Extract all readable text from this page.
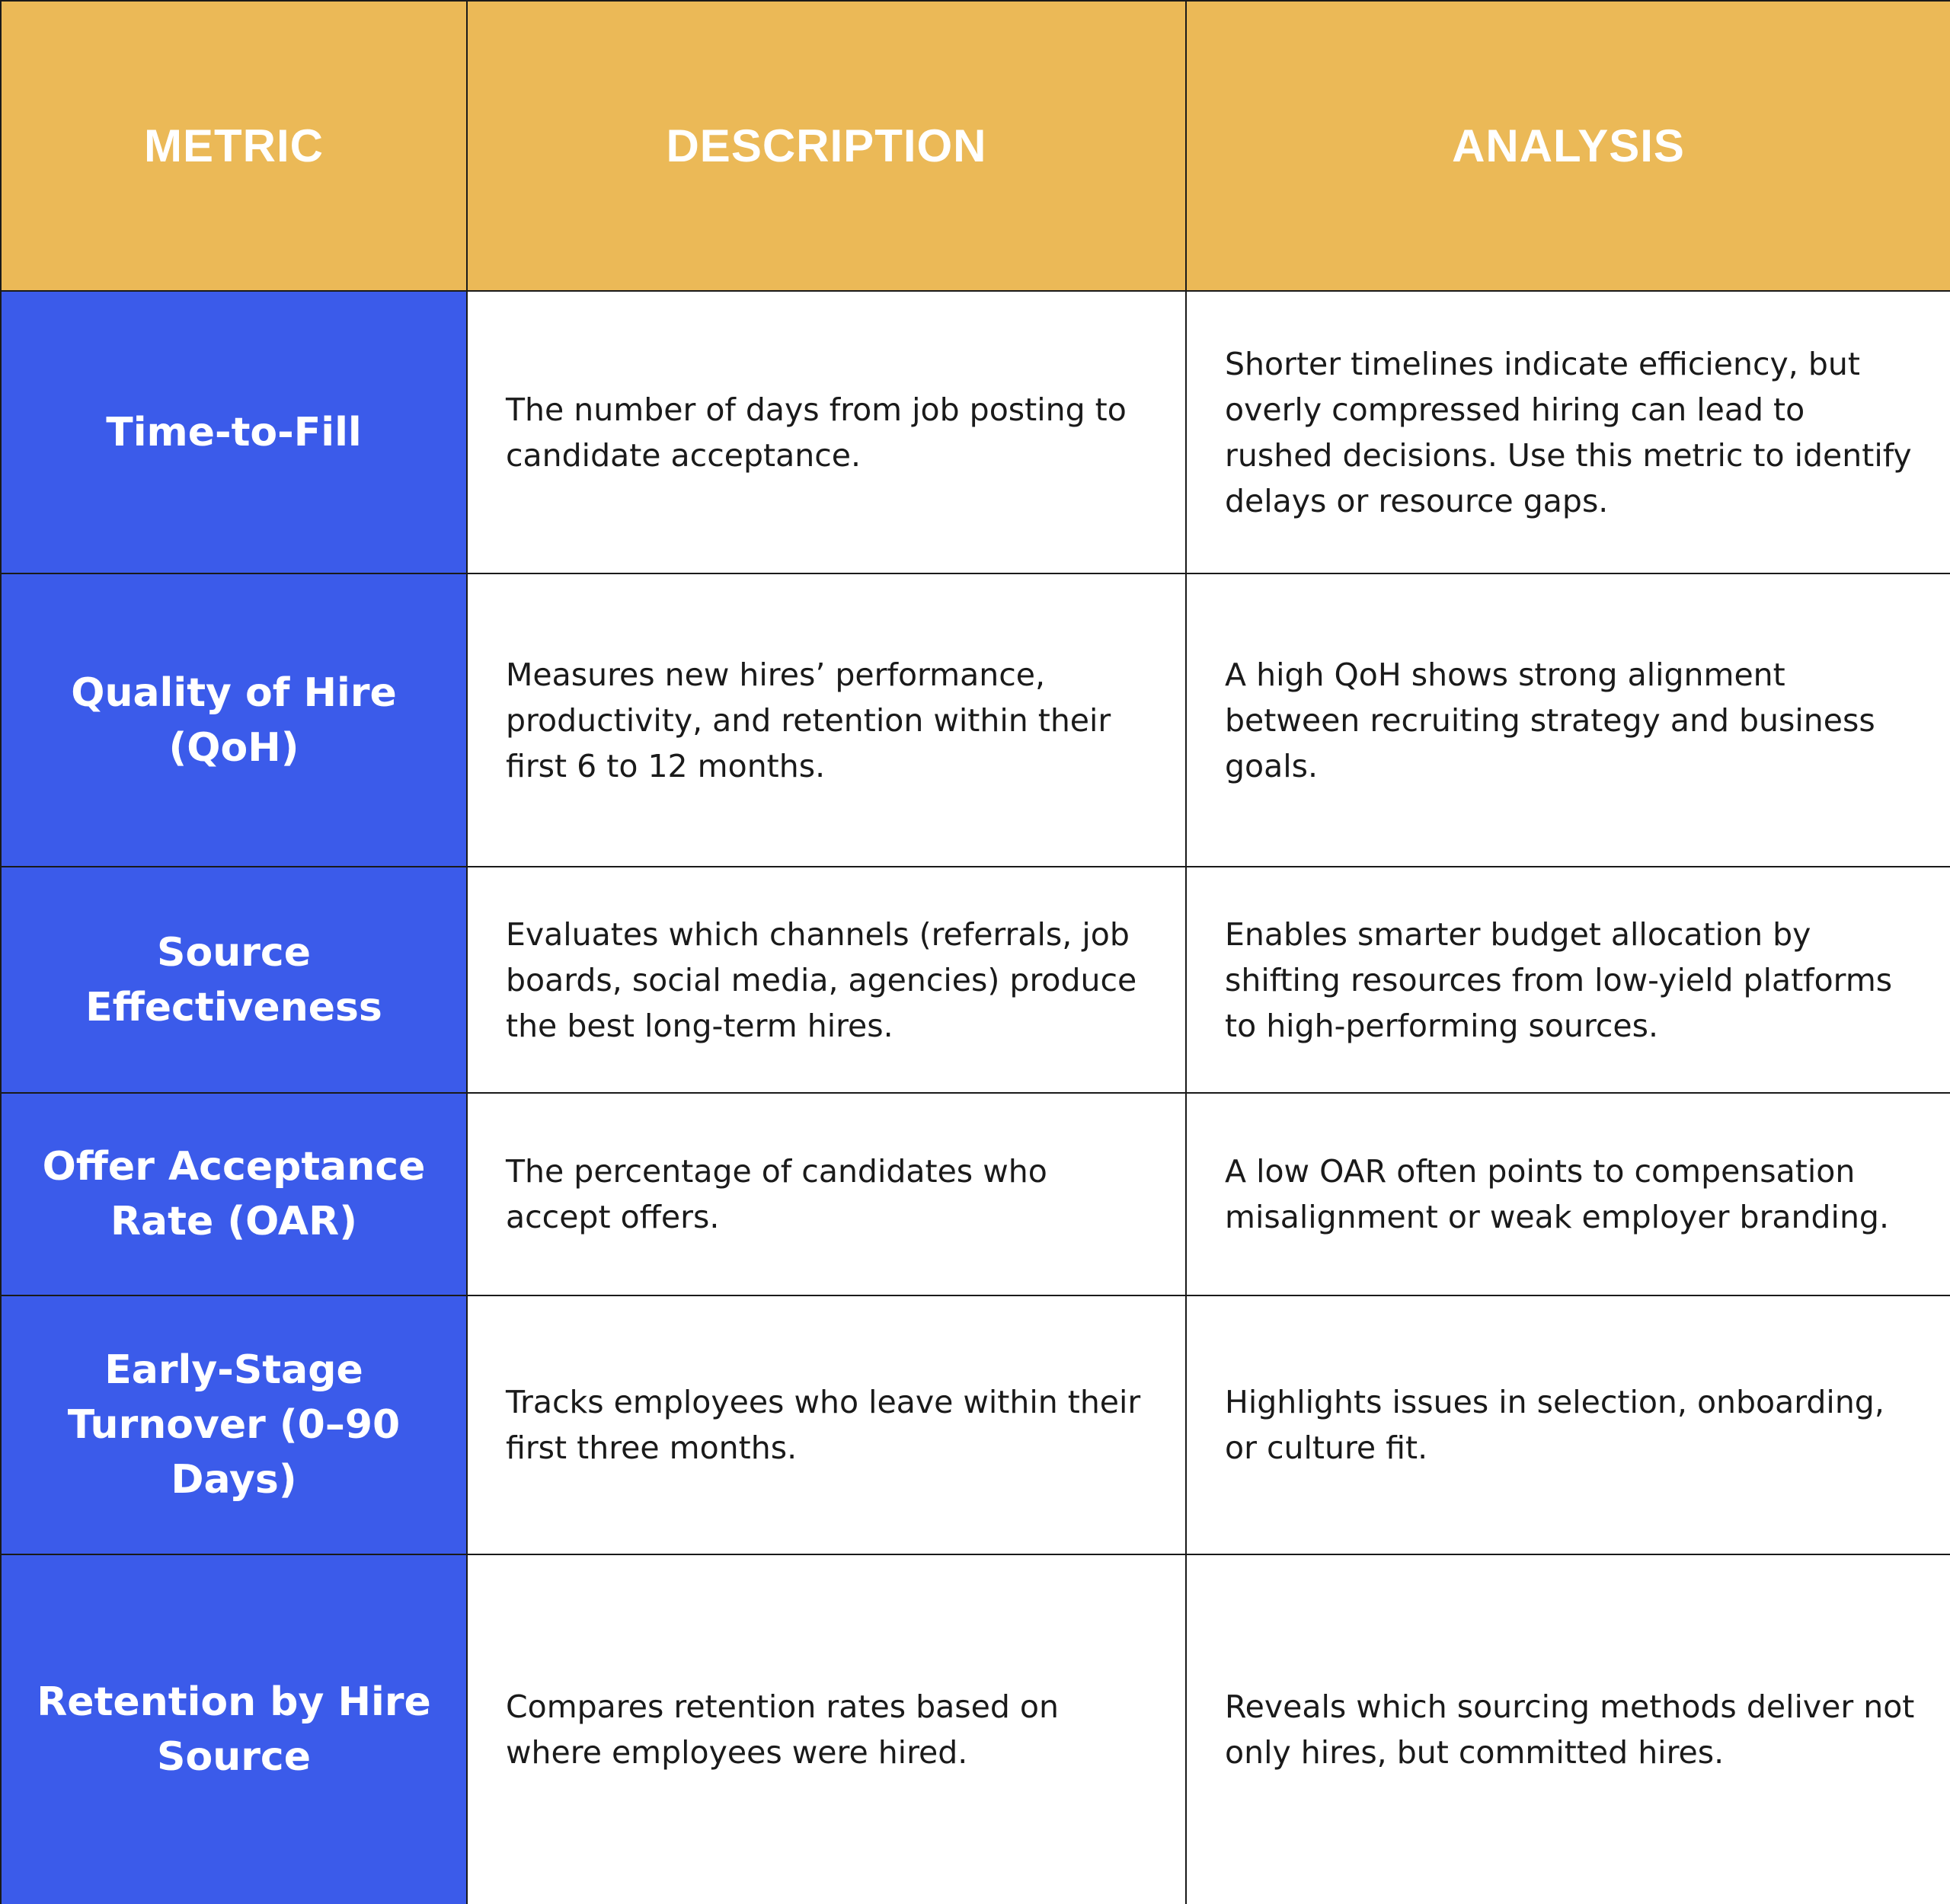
METRIC	DESCRIPTION	ANALYSIS
Time-to-Fill	The number of days from job posting to candidate acceptance.	Shorter timelines indicate efficiency, but overly compressed hiring can lead to rushed decisions. Use this metric to identify delays or resource gaps.
Quality of Hire (QoH)	Measures new hires’ performance, productivity, and retention within their first 6 to 12 months.	A high QoH shows strong alignment between recruiting strategy and business goals.
Source Effectiveness	Evaluates which channels (referrals, job boards, social media, agencies) produce the best long-term hires.	Enables smarter budget allocation by shifting resources from low-yield platforms to high-performing sources.
Offer Acceptance Rate (OAR)	The percentage of candidates who accept offers.	A low OAR often points to compensation misalignment or weak employer branding.
Early-Stage Turnover (0–90 Days)	Tracks employees who leave within their first three months.	Highlights issues in selection, onboarding, or culture fit.
Retention by Hire Source	Compares retention rates based on where employees were hired.	Reveals which sourcing methods deliver not only hires, but committed hires.
